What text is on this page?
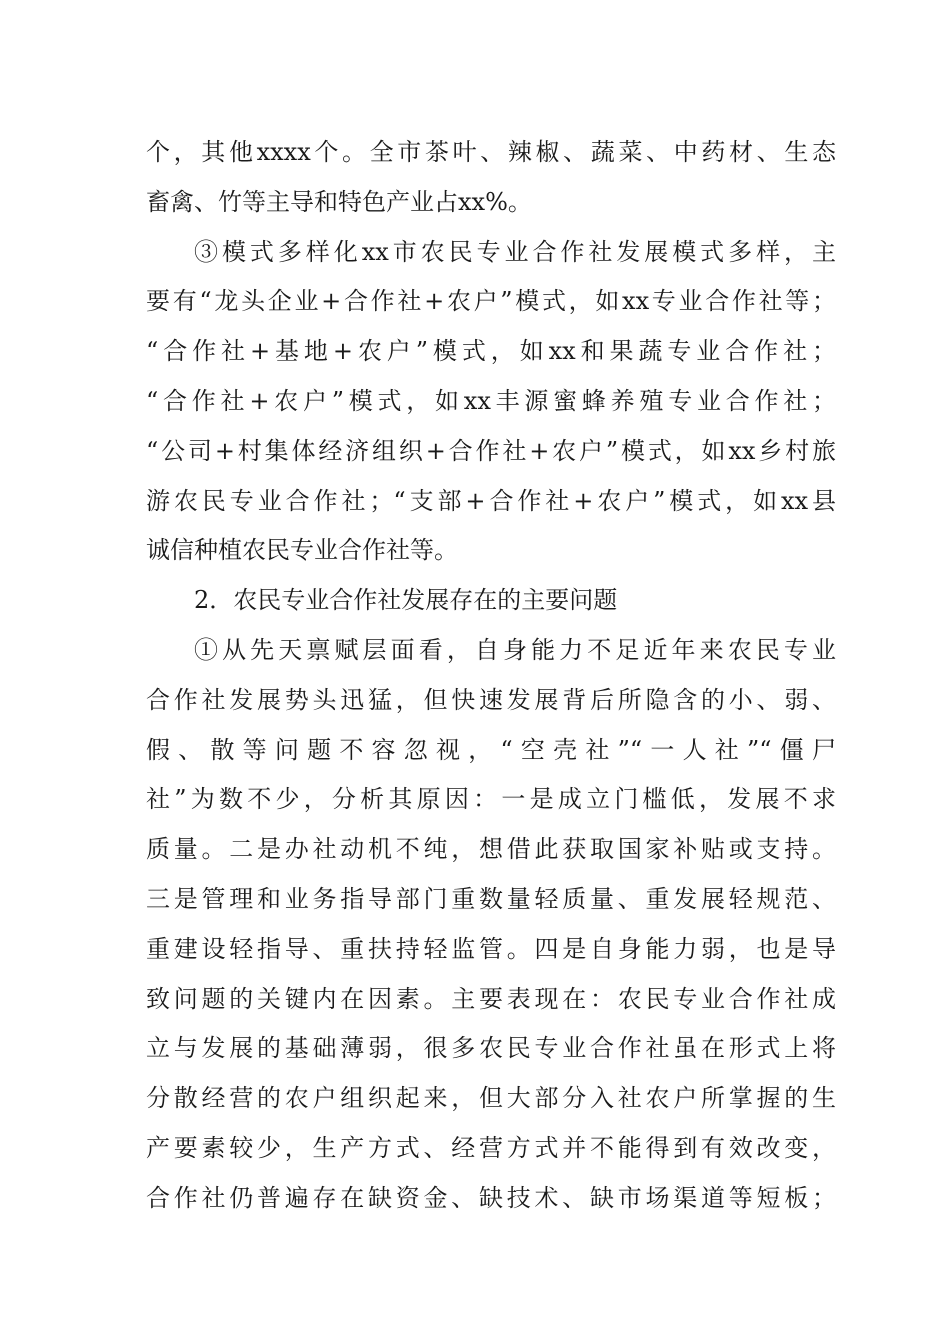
个，其他xxxx个。全市茶叶、辣椒、蔬菜、中药材、生态
畜禽、竹等主导和特色产业占xx%。
③模式多样化xx市农民专业合作社发展模式多样，主
要有“龙头企业+合作社+农户”模式，如xx专业合作社等；
“合作社+基地+农户”模式，如xx和果蔬专业合作社；
“合作社+农户”模式，如xx丰源蜜蜂养殖专业合作社；
“公司+村集体经济组织+合作社+农户”模式，如xx乡村旅
游农民专业合作社；“支部+合作社+农户”模式，如xx县
诚信种植农民专业合作社等。
2．农民专业合作社发展存在的主要问题
①从先天禀赋层面看，自身能力不足近年来农民专业
合作社发展势头迅猛，但快速发展背后所隐含的小、弱、
假、散等问题不容忽视，“空壳社”“一人社”“僵尸
社”为数不少，分析其原因：一是成立门槛低，发展不求
质量。二是办社动机不纯，想借此获取国家补贴或支持。
三是管理和业务指导部门重数量轻质量、重发展轻规范、
重建设轻指导、重扶持轻监管。四是自身能力弱，也是导
致问题的关键内在因素。主要表现在：农民专业合作社成
立与发展的基础薄弱，很多农民专业合作社虽在形式上将
分散经营的农户组织起来，但大部分入社农户所掌握的生
产要素较少，生产方式、经营方式并不能得到有效改变，
合作社仍普遍存在缺资金、缺技术、缺市场渠道等短板；
